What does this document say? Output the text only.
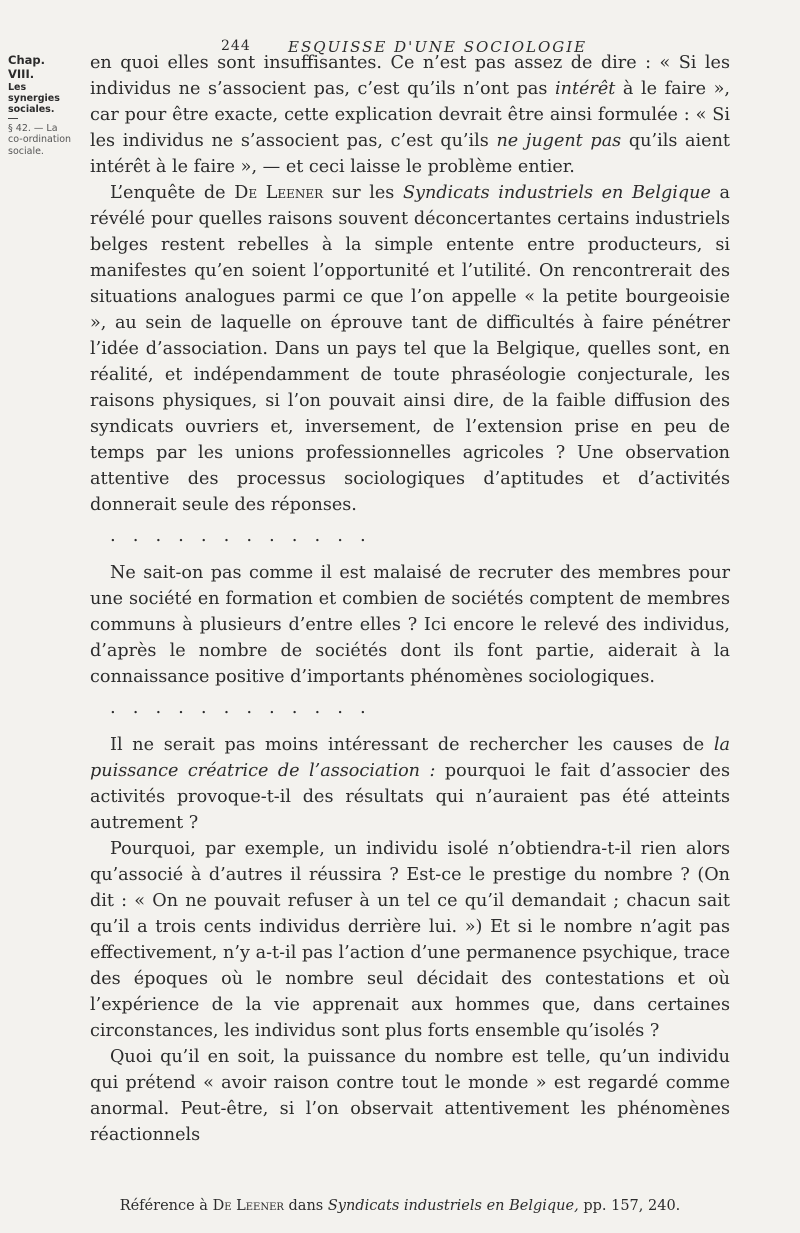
244 ESQUISSE D'UNE SOCIOLOGIE
Chap. VIII.
Les synergies sociales.
§ 42. — La co-ordination sociale.

en quoi elles sont insuffisantes. Ce n’est pas assez de dire : « Si les individus ne s’associent pas, c’est qu’ils n’ont pas intérêt à le faire », car pour être exacte, cette explication devrait être ainsi formulée : « Si les individus ne s’associent pas, c’est qu’ils ne jugent pas qu’ils aient intérêt à le faire », — et ceci laisse le problème entier.

L’enquête de De Leener sur les Syndicats industriels en Belgique a révélé pour quelles raisons souvent déconcertantes certains industriels belges restent rebelles à la simple entente entre producteurs, si manifestes qu’en soient l’opportunité et l’utilité. On rencontrerait des situations analogues parmi ce que l’on appelle « la petite bourgeoisie », au sein de laquelle on éprouve tant de difficultés à faire pénétrer l’idée d’association. Dans un pays tel que la Belgique, quelles sont, en réalité, et indépendamment de toute phraséologie conjecturale, les raisons physiques, si l’on pouvait ainsi dire, de la faible diffusion des syndicats ouvriers et, inversement, de l’extension prise en peu de temps par les unions professionnelles agricoles ? Une observation attentive des processus sociologiques d’aptitudes et d’activités donnerait seule des réponses.

............

Ne sait-on pas comme il est malaisé de recruter des membres pour une société en formation et combien de sociétés comptent de membres communs à plusieurs d’entre elles ? Ici encore le relevé des individus, d’après le nombre de sociétés dont ils font partie, aiderait à la connaissance positive d’importants phénomènes sociologiques.

............

Il ne serait pas moins intéressant de rechercher les causes de la puissance créatrice de l’association : pourquoi le fait d’associer des activités provoque-t-il des résultats qui n’auraient pas été atteints autrement ?

Pourquoi, par exemple, un individu isolé n’obtiendra-t-il rien alors qu’associé à d’autres il réussira ? Est-ce le prestige du nombre ? (On dit : « On ne pouvait refuser à un tel ce qu’il demandait ; chacun sait qu’il a trois cents individus derrière lui. ») Et si le nombre n’agit pas effectivement, n’y a-t-il pas l’action d’une permanence psychique, trace des époques où le nombre seul décidait des contestations et où l’expérience de la vie apprenait aux hommes que, dans certaines circonstances, les individus sont plus forts ensemble qu’isolés ?

Quoi qu’il en soit, la puissance du nombre est telle, qu’un individu qui prétend « avoir raison contre tout le monde » est regardé comme anormal. Peut-être, si l’on observait attentivement les phénomènes réactionnels

Référence à De Leener dans Syndicats industriels en Belgique, pp. 157, 240.
